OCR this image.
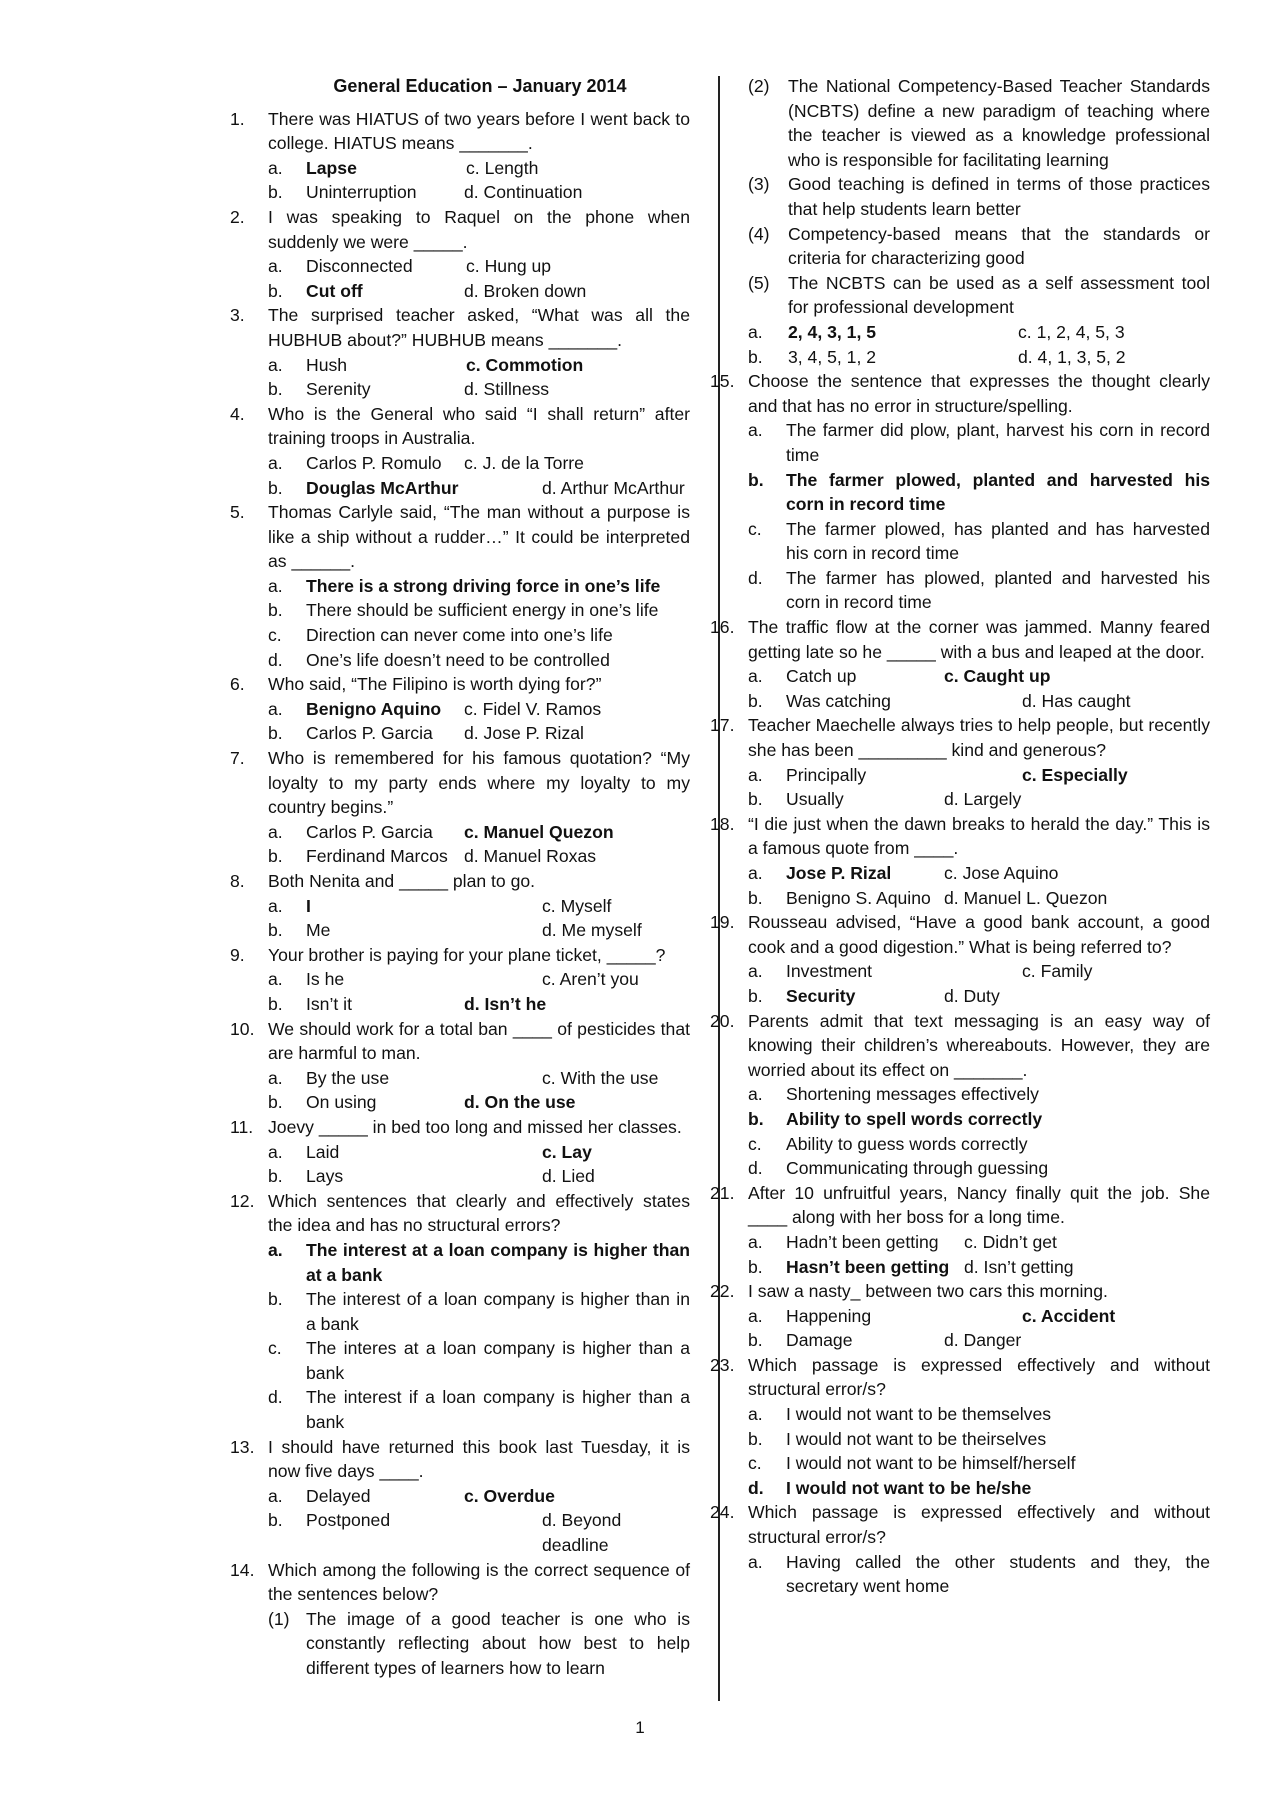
General Education – January 2014
1.	There was HIATUS of two years before I went back to college. HIATUS means _______.
a.	Lapse	c. Length
b.	Uninterruption	d. Continuation
2.	I was speaking to Raquel on the phone when suddenly we were _____.
a.	Disconnected	c. Hung up
b.	Cut off	d. Broken down
3.	The surprised teacher asked, “What was all the HUBHUB about?” HUBHUB means _______.
a.	Hush	c. Commotion
b.	Serenity	d. Stillness
4.	Who is the General who said “I shall return” after training troops in Australia.
a.	Carlos P. Romulo	c. J. de la Torre
b.	Douglas McArthur	d. Arthur McArthur
5.	Thomas Carlyle said, “The man without a purpose is like a ship without a rudder…” It could be interpreted as ______.
a.	There is a strong driving force in one’s life
b.	There should be sufficient energy in one’s life
c.	Direction can never come into one’s life
d.	One’s life doesn’t need to be controlled
6.	Who said, “The Filipino is worth dying for?”
a.	Benigno Aquino	c. Fidel V. Ramos
b.	Carlos P. Garcia	d. Jose P. Rizal
7.	Who is remembered for his famous quotation? “My loyalty to my party ends where my loyalty to my country begins.”
a.	Carlos P. Garcia	c. Manuel Quezon
b.	Ferdinand Marcos d. Manuel Roxas
8.	Both Nenita and _____ plan to go.
a.	I	c. Myself
b.	Me	d. Me myself
9.	Your brother is paying for your plane ticket, _____?
a.	Is he	c. Aren’t you
b.	Isn’t it	d. Isn’t he
10. We should work for a total ban ____ of pesticides that are harmful to man.
a.	By the use	c. With the use
b.	On using	d. On the use
11. Joevy _____ in bed too long and missed her classes.
a.	Laid	c. Lay
b.	Lays	d. Lied
12. Which sentences that clearly and effectively states the idea and has no structural errors?
a.	The interest at a loan company is higher than at a bank
b.	The interest of a loan company is higher than in a bank
c.	The interes at a loan company is higher than a bank
d.	The interest if a loan company is higher than a bank
13. I should have returned this book last Tuesday, it is now five days ____.
a.	Delayed	c. Overdue
b.	Postponed	d. Beyond deadline
14. Which among the following is the correct sequence of the sentences below?
(1) The image of a good teacher is one who is constantly reflecting about how best to help different types of learners how to learn
(2)	The National Competency-Based Teacher Standards (NCBTS) define a new paradigm of teaching where the teacher is viewed as a knowledge professional who is responsible for facilitating learning
(3)	Good teaching is defined in terms of those practices that help students learn better
(4)	Competency-based means that the standards or criteria for characterizing good
(5)	The NCBTS can be used as a self assessment tool for professional development
a.	2, 4, 3, 1, 5	c. 1, 2, 4, 5, 3
b.	3, 4, 5, 1, 2	d. 4, 1, 3, 5, 2
15. Choose the sentence that expresses the thought clearly and that has no error in structure/spelling.
a.	The farmer did plow, plant, harvest his corn in record time
b.	The farmer plowed, planted and harvested his corn in record time
c.	The farmer plowed, has planted and has harvested his corn in record time
d.	The farmer has plowed, planted and harvested his corn in record time
16. The traffic flow at the corner was jammed. Manny feared getting late so he _____ with a bus and leaped at the door.
a.	Catch up	c. Caught up
b.	Was catching	d. Has caught
17. Teacher Maechelle always tries to help people, but recently she has been _________ kind and generous?
a.	Principally	c. Especially
b.	Usually	d. Largely
18. “I die just when the dawn breaks to herald the day.” This is a famous quote from ____.
a.	Jose P. Rizal	c. Jose Aquino
b.	Benigno S. Aquino d. Manuel L. Quezon
19. Rousseau advised, “Have a good bank account, a good cook and a good digestion.” What is being referred to?
a.	Investment	c. Family
b.	Security	d. Duty
20. Parents admit that text messaging is an easy way of knowing their children’s whereabouts. However, they are worried about its effect on _______.
a.	Shortening messages effectively
b.	Ability to spell words correctly
c.	Ability to guess words correctly
d.	Communicating through guessing
21. After 10 unfruitful years, Nancy finally quit the job. She ____ along with her boss for a long time.
a.	Hadn’t been getting	c. Didn’t get
b.	Hasn’t been getting d. Isn’t getting
22. I saw a nasty_ between two cars this morning.
a.	Happening	c. Accident
b.	Damage	d. Danger
23. Which passage is expressed effectively and without structural error/s?
a.	I would not want to be themselves
b.	I would not want to be theirselves
c.	I would not want to be himself/herself
d.	I would not want to be he/she
24. Which passage is expressed effectively and without structural error/s?
a.	Having called the other students and they, the secretary went home
1
